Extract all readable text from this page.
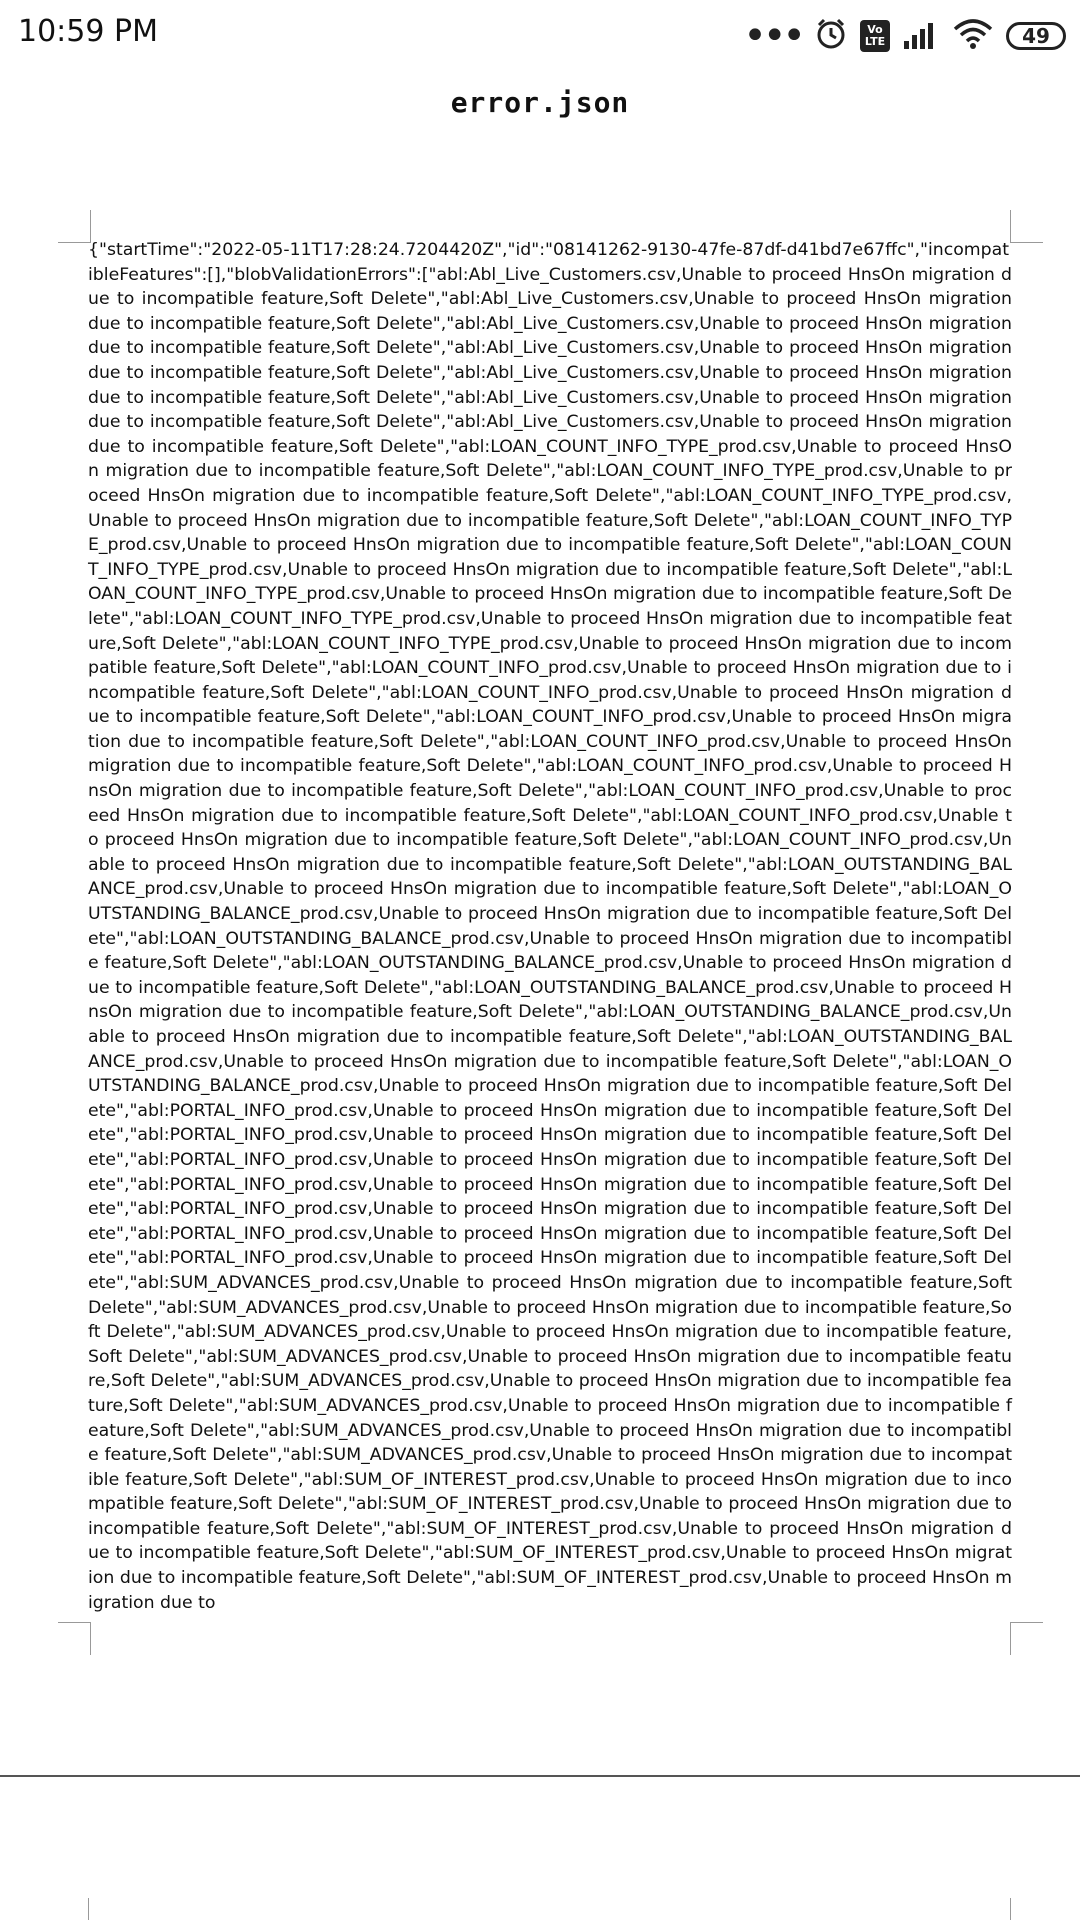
10:59 PM	•••	Vo
LTE	49
error.json
{"startTime":"2022-05-11T17:28:24.7204420Z","id":"08141262-9130-47fe-87df-d41bd7e67ffc","incompatibleFeatures":[],"blobValidationErrors":["abl:Abl_Live_Customers.csv,Unable to proceed HnsOn migration due to incompatible feature,Soft Delete","abl:Abl_Live_Customers.csv,Unable to proceed HnsOn migration due to incompatible feature,Soft Delete","abl:Abl_Live_Customers.csv,Unable to proceed HnsOn migration due to incompatible feature,Soft Delete","abl:Abl_Live_Customers.csv,Unable to proceed HnsOn migration due to incompatible feature,Soft Delete","abl:Abl_Live_Customers.csv,Unable to proceed HnsOn migration due to incompatible feature,Soft Delete","abl:Abl_Live_Customers.csv,Unable to proceed HnsOn migration due to incompatible feature,Soft Delete","abl:Abl_Live_Customers.csv,Unable to proceed HnsOn migration due to incompatible feature,Soft Delete","abl:LOAN_COUNT_INFO_TYPE_prod.csv,Unable to proceed HnsOn migration due to incompatible feature,Soft Delete","abl:LOAN_COUNT_INFO_TYPE_prod.csv,Unable to proceed HnsOn migration due to incompatible feature,Soft Delete","abl:LOAN_COUNT_INFO_TYPE_prod.csv,Unable to proceed HnsOn migration due to incompatible feature,Soft Delete","abl:LOAN_COUNT_INFO_TYPE_prod.csv,Unable to proceed HnsOn migration due to incompatible feature,Soft Delete","abl:LOAN_COUNT_INFO_TYPE_prod.csv,Unable to proceed HnsOn migration due to incompatible feature,Soft Delete","abl:LOAN_COUNT_INFO_TYPE_prod.csv,Unable to proceed HnsOn migration due to incompatible feature,Soft Delete","abl:LOAN_COUNT_INFO_TYPE_prod.csv,Unable to proceed HnsOn migration due to incompatible feature,Soft Delete","abl:LOAN_COUNT_INFO_TYPE_prod.csv,Unable to proceed HnsOn migration due to incompatible feature,Soft Delete","abl:LOAN_COUNT_INFO_prod.csv,Unable to proceed HnsOn migration due to incompatible feature,Soft Delete","abl:LOAN_COUNT_INFO_prod.csv,Unable to proceed HnsOn migration due to incompatible feature,Soft Delete","abl:LOAN_COUNT_INFO_prod.csv,Unable to proceed HnsOn migration due to incompatible feature,Soft Delete","abl:LOAN_COUNT_INFO_prod.csv,Unable to proceed HnsOn migration due to incompatible feature,Soft Delete","abl:LOAN_COUNT_INFO_prod.csv,Unable to proceed HnsOn migration due to incompatible feature,Soft Delete","abl:LOAN_COUNT_INFO_prod.csv,Unable to proceed HnsOn migration due to incompatible feature,Soft Delete","abl:LOAN_COUNT_INFO_prod.csv,Unable to proceed HnsOn migration due to incompatible feature,Soft Delete","abl:LOAN_COUNT_INFO_prod.csv,Unable to proceed HnsOn migration due to incompatible feature,Soft Delete","abl:LOAN_OUTSTANDING_BALANCE_prod.csv,Unable to proceed HnsOn migration due to incompatible feature,Soft Delete","abl:LOAN_OUTSTANDING_BALANCE_prod.csv,Unable to proceed HnsOn migration due to incompatible feature,Soft Delete","abl:LOAN_OUTSTANDING_BALANCE_prod.csv,Unable to proceed HnsOn migration due to incompatible feature,Soft Delete","abl:LOAN_OUTSTANDING_BALANCE_prod.csv,Unable to proceed HnsOn migration due to incompatible feature,Soft Delete","abl:LOAN_OUTSTANDING_BALANCE_prod.csv,Unable to proceed HnsOn migration due to incompatible feature,Soft Delete","abl:LOAN_OUTSTANDING_BALANCE_prod.csv,Unable to proceed HnsOn migration due to incompatible feature,Soft Delete","abl:LOAN_OUTSTANDING_BALANCE_prod.csv,Unable to proceed HnsOn migration due to incompatible feature,Soft Delete","abl:LOAN_OUTSTANDING_BALANCE_prod.csv,Unable to proceed HnsOn migration due to incompatible feature,Soft Delete","abl:PORTAL_INFO_prod.csv,Unable to proceed HnsOn migration due to incompatible feature,Soft Delete","abl:PORTAL_INFO_prod.csv,Unable to proceed HnsOn migration due to incompatible feature,Soft Delete","abl:PORTAL_INFO_prod.csv,Unable to proceed HnsOn migration due to incompatible feature,Soft Delete","abl:PORTAL_INFO_prod.csv,Unable to proceed HnsOn migration due to incompatible feature,Soft Delete","abl:PORTAL_INFO_prod.csv,Unable to proceed HnsOn migration due to incompatible feature,Soft Delete","abl:PORTAL_INFO_prod.csv,Unable to proceed HnsOn migration due to incompatible feature,Soft Delete","abl:PORTAL_INFO_prod.csv,Unable to proceed HnsOn migration due to incompatible feature,Soft Delete","abl:SUM_ADVANCES_prod.csv,Unable to proceed HnsOn migration due to incompatible feature,Soft Delete","abl:SUM_ADVANCES_prod.csv,Unable to proceed HnsOn migration due to incompatible feature,Soft Delete","abl:SUM_ADVANCES_prod.csv,Unable to proceed HnsOn migration due to incompatible feature,Soft Delete","abl:SUM_ADVANCES_prod.csv,Unable to proceed HnsOn migration due to incompatible feature,Soft Delete","abl:SUM_ADVANCES_prod.csv,Unable to proceed HnsOn migration due to incompatible feature,Soft Delete","abl:SUM_ADVANCES_prod.csv,Unable to proceed HnsOn migration due to incompatible feature,Soft Delete","abl:SUM_ADVANCES_prod.csv,Unable to proceed HnsOn migration due to incompatible feature,Soft Delete","abl:SUM_ADVANCES_prod.csv,Unable to proceed HnsOn migration due to incompatible feature,Soft Delete","abl:SUM_OF_INTEREST_prod.csv,Unable to proceed HnsOn migration due to incompatible feature,Soft Delete","abl:SUM_OF_INTEREST_prod.csv,Unable to proceed HnsOn migration due to incompatible feature,Soft Delete","abl:SUM_OF_INTEREST_prod.csv,Unable to proceed HnsOn migration due to incompatible feature,Soft Delete","abl:SUM_OF_INTEREST_prod.csv,Unable to proceed HnsOn migration due to incompatible feature,Soft Delete","abl:SUM_OF_INTEREST_prod.csv,Unable to proceed HnsOn migration due to
